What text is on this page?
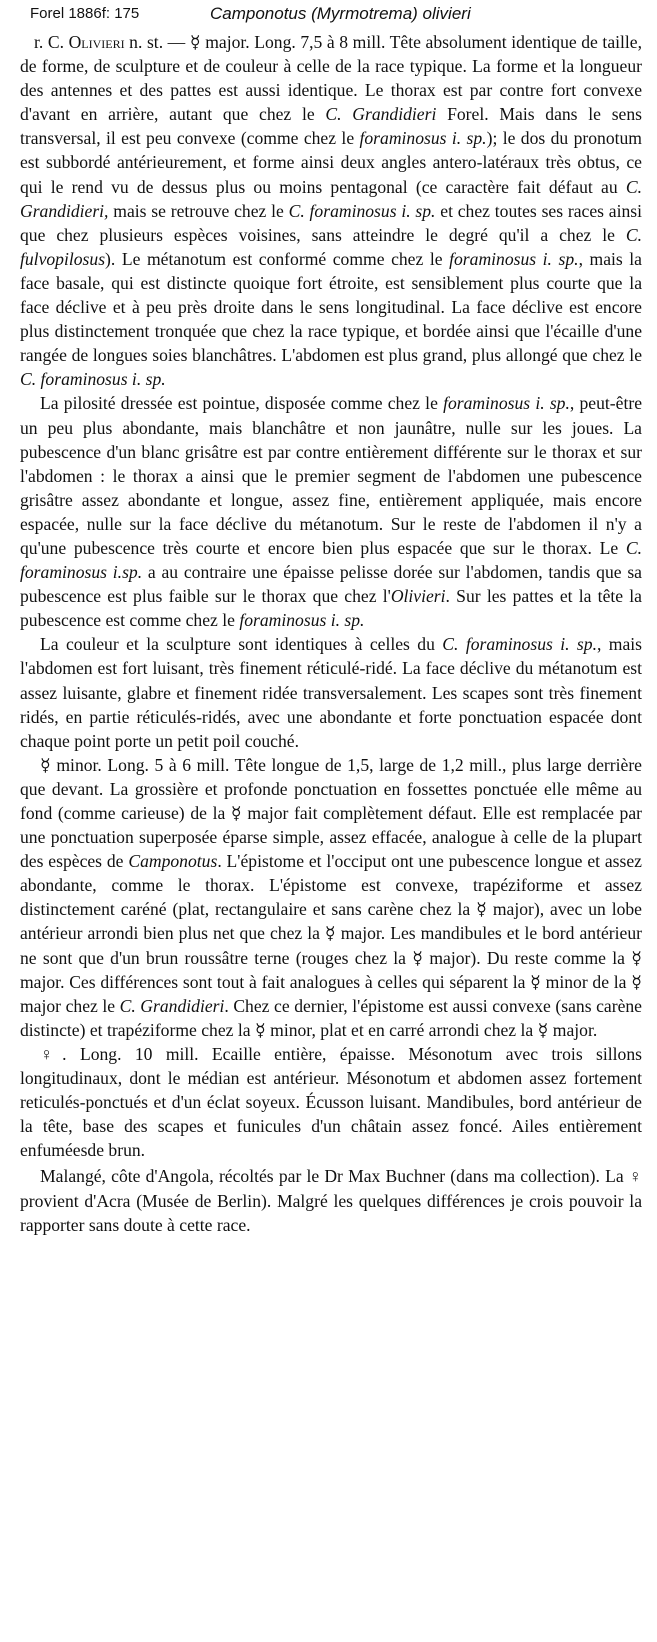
Forel 1886f: 175	Camponotus (Myrmotrema) olivieri

r. C. Olivieri n. st. — ☿ major. Long. 7,5 à 8 mill. Tête absolument identique de taille, de forme, de sculpture et de couleur à celle de la race typique. La forme et la longueur des antennes et des pattes est aussi identique. Le thorax est par contre fort convexe d'avant en arrière, autant que chez le C. Grandidieri Forel. Mais dans le sens transversal, il est peu convexe (comme chez le foraminosus i. sp.); le dos du pronotum est subbordé antérieurement, et forme ainsi deux angles antero-latéraux très obtus, ce qui le rend vu de dessus plus ou moins pentagonal (ce caractère fait défaut au C. Grandidieri, mais se retrouve chez le C. foraminosus i. sp. et chez toutes ses races ainsi que chez plusieurs espèces voisines, sans atteindre le degré qu'il a chez le C. fulvopilosus). Le métanotum est conformé comme chez le foraminosus i. sp., mais la face basale, qui est distincte quoique fort étroite, est sensiblement plus courte que la face déclive et à peu près droite dans le sens longitudinal. La face déclive est encore plus distinctement tronquée que chez la race typique, et bordée ainsi que l'écaille d'une rangée de longues soies blanchâtres. L'abdomen est plus grand, plus allongé que chez le C. foraminosus i. sp.

La pilosité dressée est pointue, disposée comme chez le foraminosus i. sp., peut-être un peu plus abondante, mais blanchâtre et non jaunâtre, nulle sur les joues. La pubescence d'un blanc grisâtre est par contre entièrement différente sur le thorax et sur l'abdomen : le thorax a ainsi que le premier segment de l'abdomen une pubescence grisâtre assez abondante et longue, assez fine, entièrement appliquée, mais encore espacée, nulle sur la face déclive du métanotum. Sur le reste de l'abdomen il n'y a qu'une pubescence très courte et encore bien plus espacée que sur le thorax. Le C. foraminosus i.sp. a au contraire une épaisse pelisse dorée sur l'abdomen, tandis que sa pubescence est plus faible sur le thorax que chez l'Olivieri. Sur les pattes et la tête la pubescence est comme chez le foraminosus i. sp.

La couleur et la sculpture sont identiques à celles du C. foraminosus i. sp., mais l'abdomen est fort luisant, très finement réticulé-ridé. La face déclive du métanotum est assez luisante, glabre et finement ridée transversalement. Les scapes sont très finement ridés, en partie réticulés-ridés, avec une abondante et forte ponctuation espacée dont chaque point porte un petit poil couché.

☿ minor. Long. 5 à 6 mill. Tête longue de 1,5, large de 1,2 mill., plus large derrière que devant. La grossière et profonde ponctuation en fossettes ponctuée elle même au fond (comme carieuse) de la ☿ major fait complètement défaut. Elle est remplacée par une ponctuation superposée éparse simple, assez effacée, analogue à celle de la plupart des espèces de Camponotus. L'épistome et l'occiput ont une pubescence longue et assez abondante, comme le thorax. L'épistome est convexe, trapéziforme et assez distinctement caréné (plat, rectangulaire et sans carène chez la ☿ major), avec un lobe antérieur arrondi bien plus net que chez la ☿ major. Les mandibules et le bord antérieur ne sont que d'un brun roussâtre terne (rouges chez la ☿ major). Du reste comme la ☿ major. Ces différences sont tout à fait analogues à celles qui séparent la ☿ minor de la ☿ major chez le C. Grandidieri. Chez ce dernier, l'épistome est aussi convexe (sans carène distincte) et trapéziforme chez la ☿ minor, plat et en carré arrondi chez la ☿ major.

♀. Long. 10 mill. Ecaille entière, épaisse. Mésonotum avec trois sillons longitudinaux, dont le médian est antérieur. Mésonotum et abdomen assez fortement reticulés-ponctués et d'un éclat soyeux. Écusson luisant. Mandibules, bord antérieur de la tête, base des scapes et funicules d'un châtain assez foncé. Ailes entièrement enfuméesde brun.

Malangé, côte d'Angola, récoltés par le Dr Max Buchner (dans ma collection). La ♀ provient d'Acra (Musée de Berlin). Malgré les quelques différences je crois pouvoir la rapporter sans doute à cette race.
